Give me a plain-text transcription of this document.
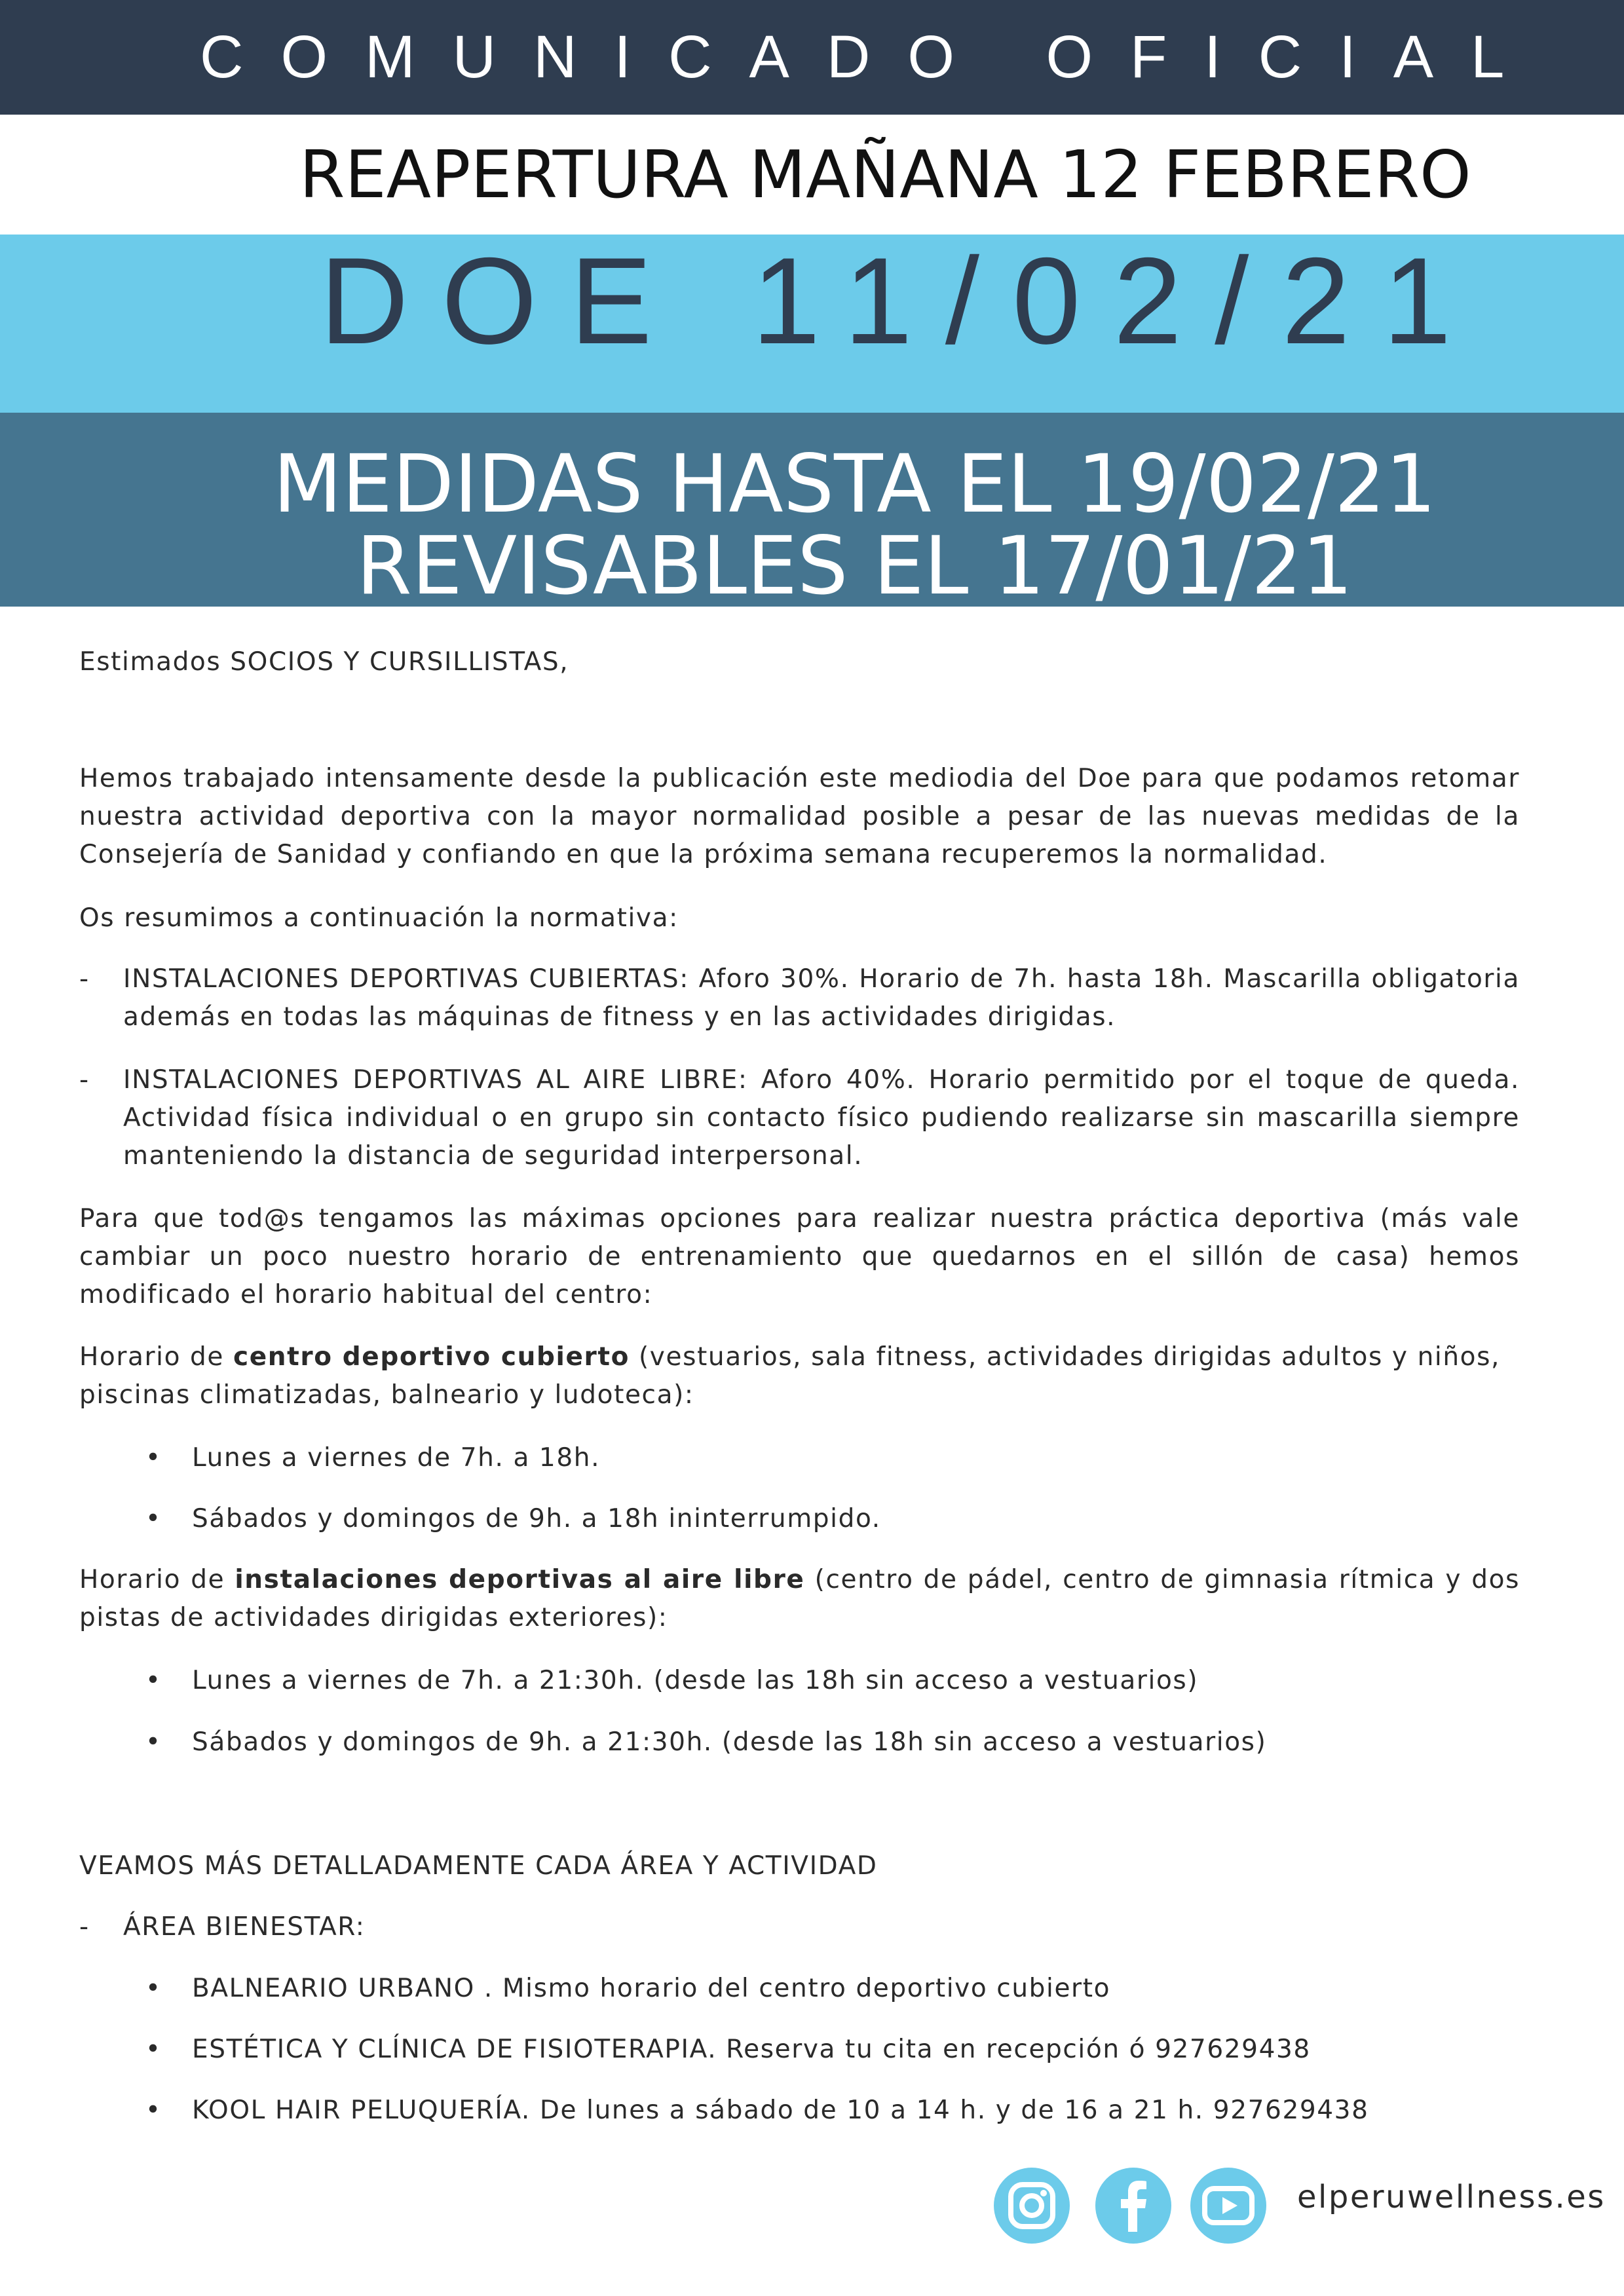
COMUNICADO OFICIAL
REAPERTURA MAÑANA 12 FEBRERO
DOE 11/02/21
MEDIDAS HASTA EL 19/02/21
REVISABLES EL 17/01/21
Estimados SOCIOS Y CURSILLISTAS,
Hemos trabajado intensamente desde la publicación este mediodia del Doe para que podamos retomar nuestra actividad deportiva con la mayor normalidad posible a pesar de las nuevas medidas de la Consejería de Sanidad y confiando en que la próxima semana recuperemos la normalidad.
Os resumimos a continuación la normativa:
- INSTALACIONES DEPORTIVAS CUBIERTAS: Aforo 30%. Horario de 7h. hasta 18h. Mascarilla obligatoria además en todas las máquinas de fitness y en las actividades dirigidas.
- INSTALACIONES DEPORTIVAS AL AIRE LIBRE: Aforo 40%. Horario permitido por el toque de queda. Actividad física individual o en grupo sin contacto físico pudiendo realizarse sin mascarilla siempre manteniendo la distancia de seguridad interpersonal.
Para que tod@s tengamos las máximas opciones para realizar nuestra práctica deportiva (más vale cambiar un poco nuestro horario de entrenamiento que quedarnos en el sillón de casa) hemos modificado el horario habitual del centro:
Horario de centro deportivo cubierto (vestuarios, sala fitness, actividades dirigidas adultos y niños, piscinas climatizadas, balneario y ludoteca):
• Lunes a viernes de 7h. a 18h.
• Sábados y domingos de 9h. a 18h ininterrumpido.
Horario de instalaciones deportivas al aire libre (centro de pádel, centro de gimnasia rítmica y dos pistas de actividades dirigidas exteriores):
• Lunes a viernes de 7h. a 21:30h. (desde las 18h sin acceso a vestuarios)
• Sábados y domingos de 9h. a 21:30h. (desde las 18h sin acceso a vestuarios)
VEAMOS MÁS DETALLADAMENTE CADA ÁREA Y ACTIVIDAD
- ÁREA BIENESTAR:
• BALNEARIO URBANO . Mismo horario del centro deportivo cubierto
• ESTÉTICA Y CLÍNICA DE FISIOTERAPIA. Reserva tu cita en recepción ó 927629438
• KOOL HAIR PELUQUERÍA. De lunes a sábado de 10 a 14 h. y de 16 a 21 h. 927629438
elperuwellness.es
